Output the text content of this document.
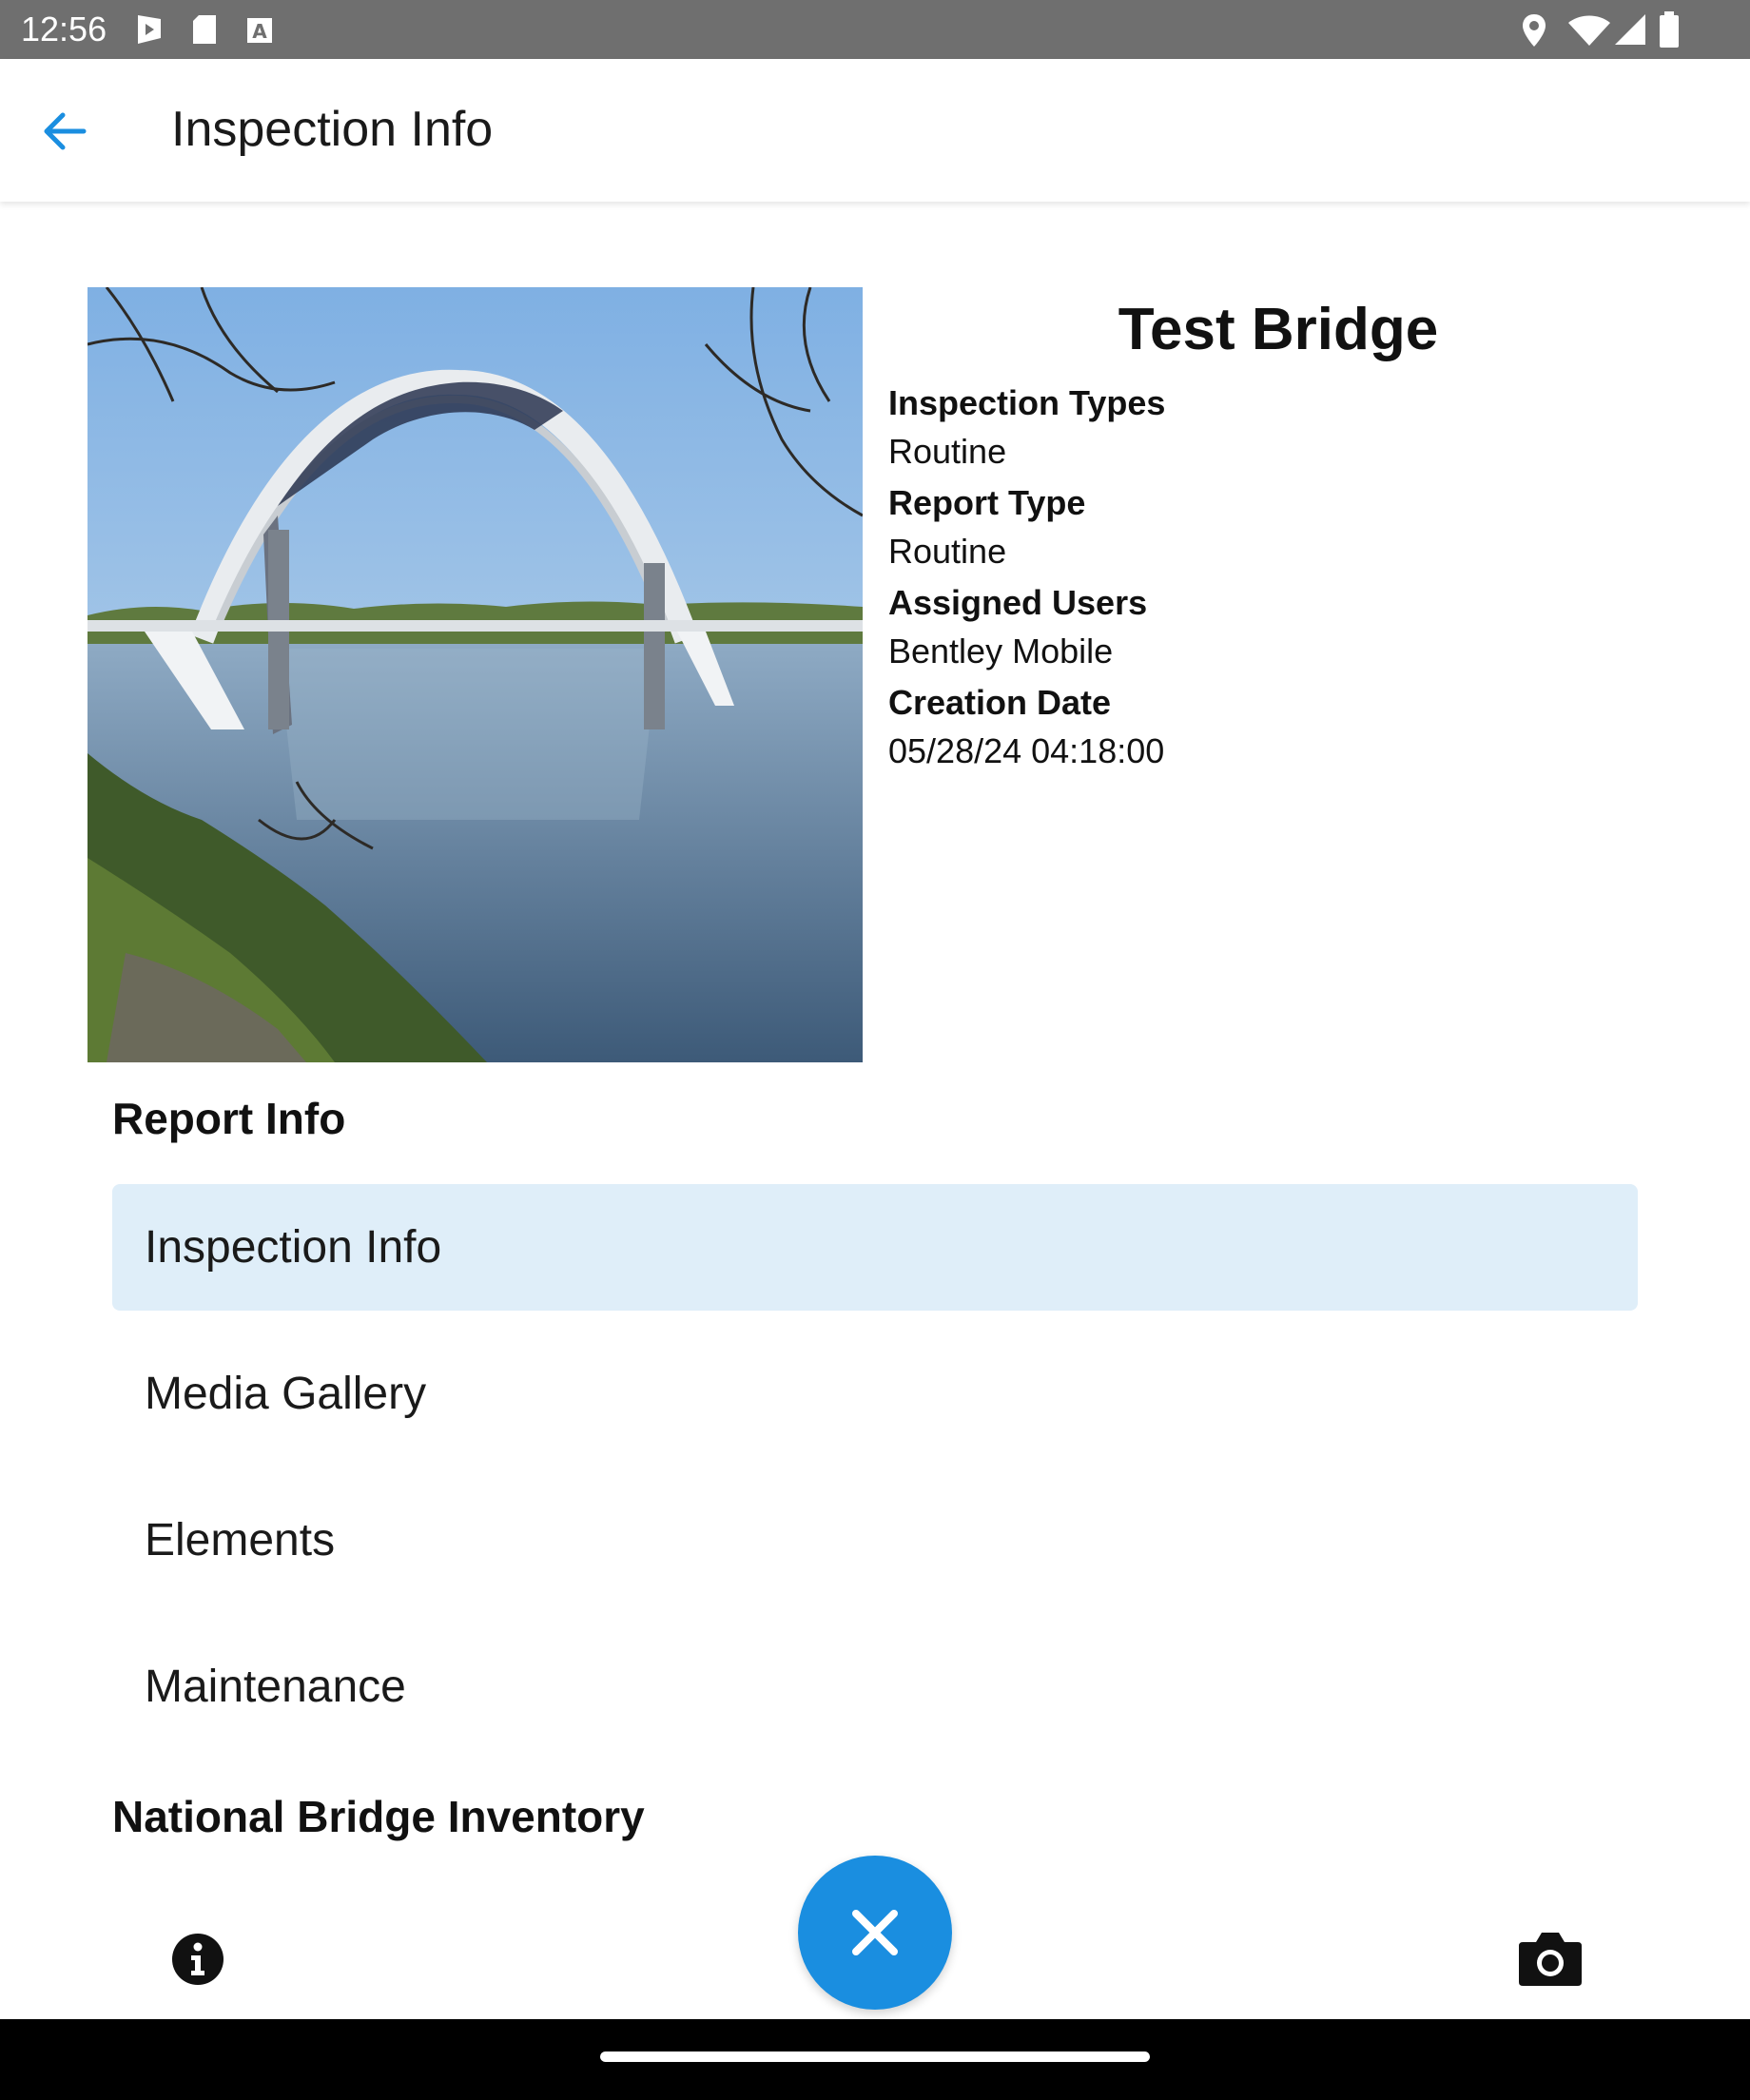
12:56	A
Inspection Info
Test Bridge
Inspection Types
Routine
Report Type
Routine
Assigned Users
Bentley Mobile
Creation Date
05/28/24 04:18:00
Report Info
Inspection Info
Media Gallery
Elements
Maintenance
National Bridge Inventory
